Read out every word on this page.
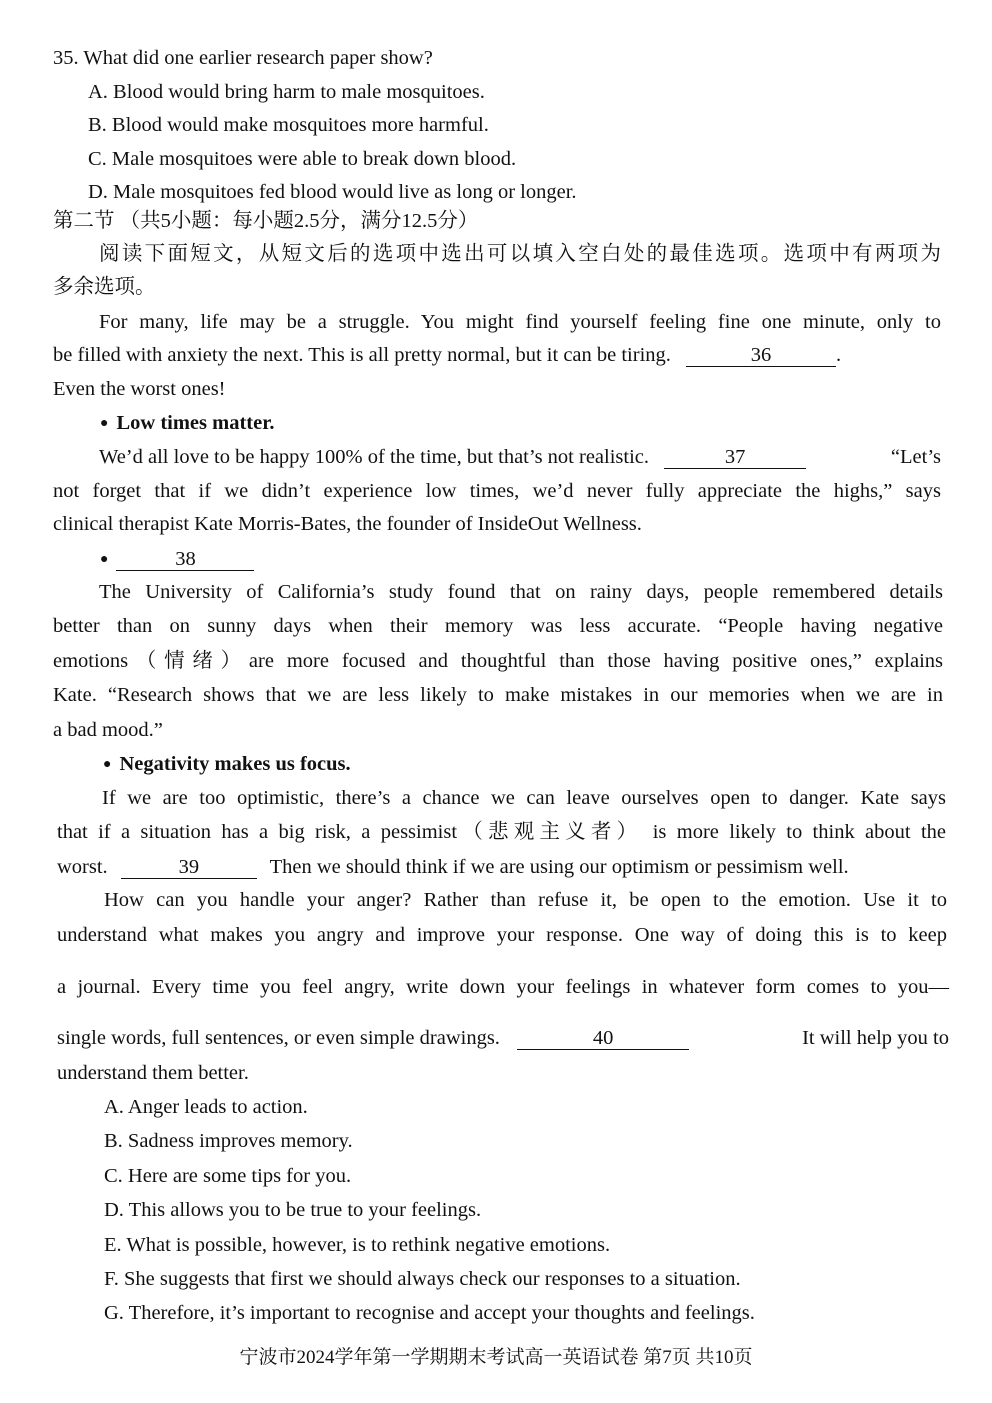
35. What did one earlier research paper show?
A. Blood would bring harm to male mosquitoes.
B. Blood would make mosquitoes more harmful.
C. Male mosquitoes were able to break down blood.
D. Male mosquitoes fed blood would live as long or longer.
第二节 （共5小题：每小题2.5分，满分12.5分）
阅读下面短文，从短文后的选项中选出可以填入空白处的最佳选项。选项中有两项为
多余选项。
For many, life may be a struggle. You might find yourself feeling fine one minute, only to
be filled with anxiety the next. This is all pretty normal, but it can be tiring.	36	.
Even the worst ones!
● Low times matter.
We’d all love to be happy 100% of the time, but that’s not realistic.	37	“Let’s
not forget that if we didn’t experience low times, we’d never fully appreciate the highs,” says
clinical therapist Kate Morris-Bates, the founder of InsideOut Wellness.
●	38
The University of California’s study found that on rainy days, people remembered details
better than on sunny days when their memory was less accurate. “People having negative
emotions（情绪）are more focused and thoughtful than those having positive ones,” explains
Kate. “Research shows that we are less likely to make mistakes in our memories when we are in
a bad mood.”
● Negativity makes us focus.
If we are too optimistic, there’s a chance we can leave ourselves open to danger. Kate says
that if a situation has a big risk, a pessimist（悲观主义者） is more likely to think about the
worst.	39	Then we should think if we are using our optimism or pessimism well.
How can you handle your anger? Rather than refuse it, be open to the emotion. Use it to
understand what makes you angry and improve your response. One way of doing this is to keep
a journal. Every time you feel angry, write down your feelings in whatever form comes to you—
single words, full sentences, or even simple drawings.	40	It will help you to
understand them better.
A. Anger leads to action.
B. Sadness improves memory.
C. Here are some tips for you.
D. This allows you to be true to your feelings.
E. What is possible, however, is to rethink negative emotions.
F. She suggests that first we should always check our responses to a situation.
G. Therefore, it’s important to recognise and accept your thoughts and feelings.
宁波市2024学年第一学期期末考试高一英语试卷 第7页 共10页
